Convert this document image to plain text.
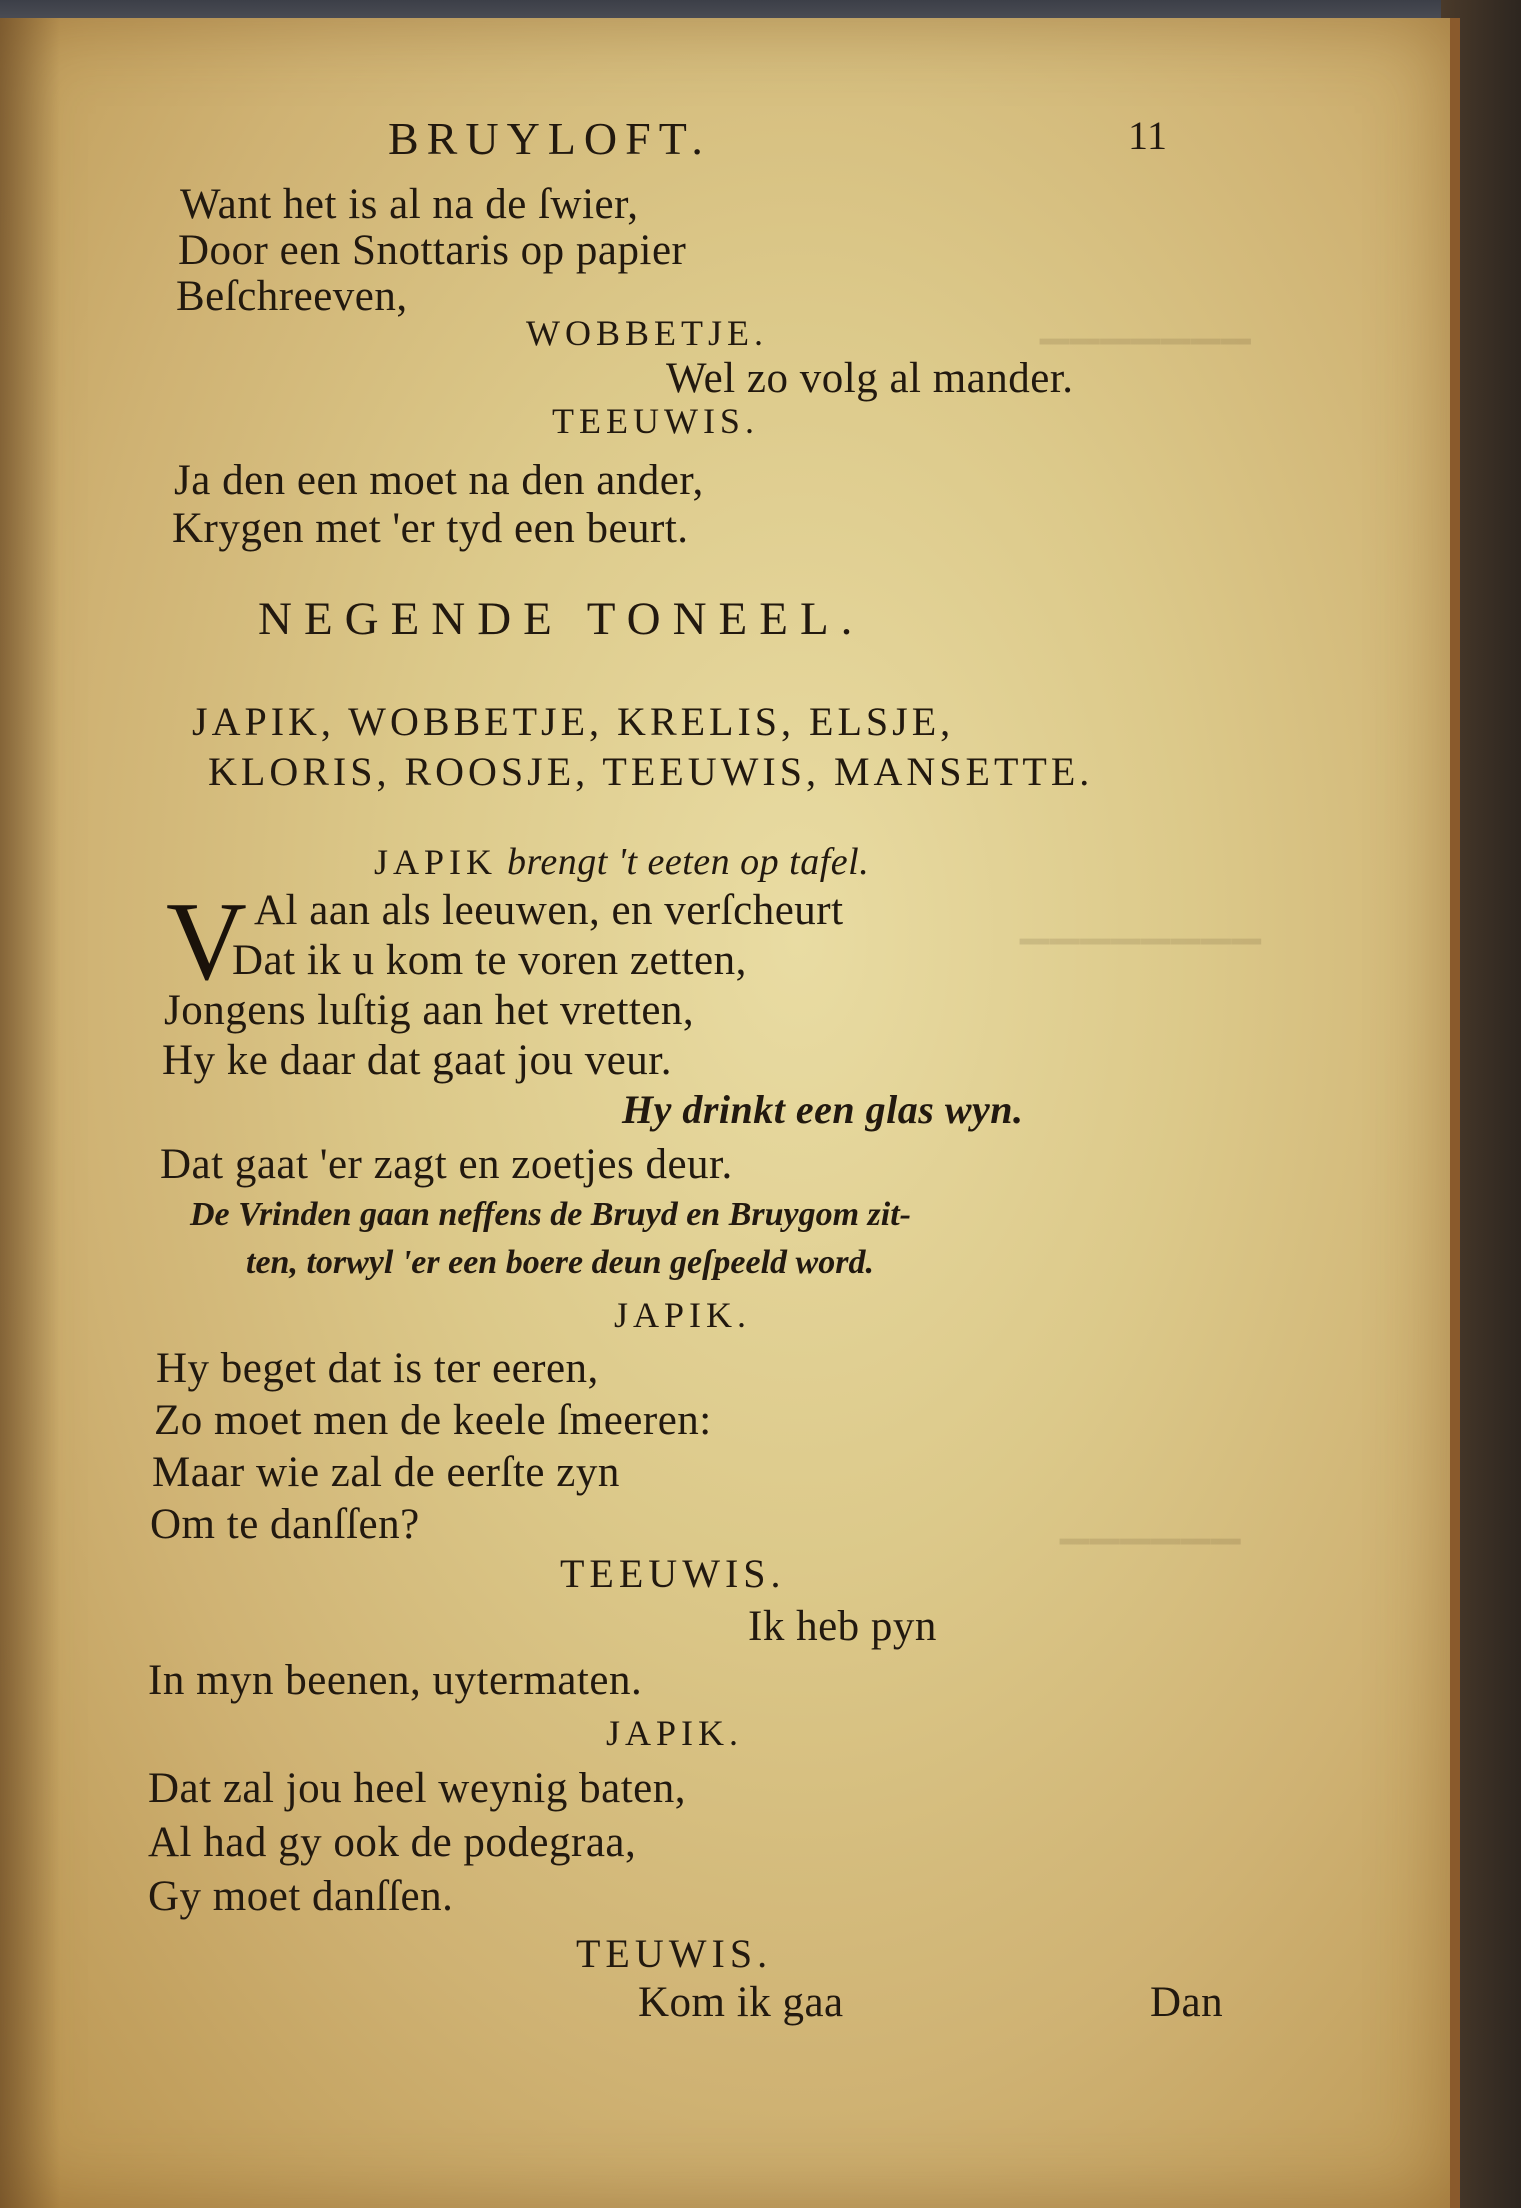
▁▁▁▁▁▁▁
▁▁▁▁▁▁▁▁
▁▁▁▁▁▁
BRUYLOFT.	11
Want het is al na de ſwier,
Door een Snottaris op papier
Beſchreeven,
WOBBETJE.
Wel zo volg al mander.
TEEUWIS.
Ja den een moet na den ander,
Krygen met 'er tyd een beurt.
NEGENDE TONEEL.
JAPIK, WOBBETJE, KRELIS, ELSJE,
KLORIS, ROOSJE, TEEUWIS, MANSETTE.
JAPIK brengt 't eeten op tafel.
V Al aan als leeuwen, en verſcheurt
Dat ik u kom te voren zetten,
Jongens luſtig aan het vretten,
Hy ke daar dat gaat jou veur.
Hy drinkt een glas wyn.
Dat gaat 'er zagt en zoetjes deur.
De Vrinden gaan neffens de Bruyd en Bruygom zit-
ten, torwyl 'er een boere deun geſpeeld word.
JAPIK.
Hy beget dat is ter eeren,
Zo moet men de keele ſmeeren:
Maar wie zal de eerſte zyn
Om te danſſen?
TEEUWIS.
Ik heb pyn
In myn beenen, uytermaten.
JAPIK.
Dat zal jou heel weynig baten,
Al had gy ook de podegraa,
Gy moet danſſen.
TEUWIS.
Kom ik gaa	Dan
